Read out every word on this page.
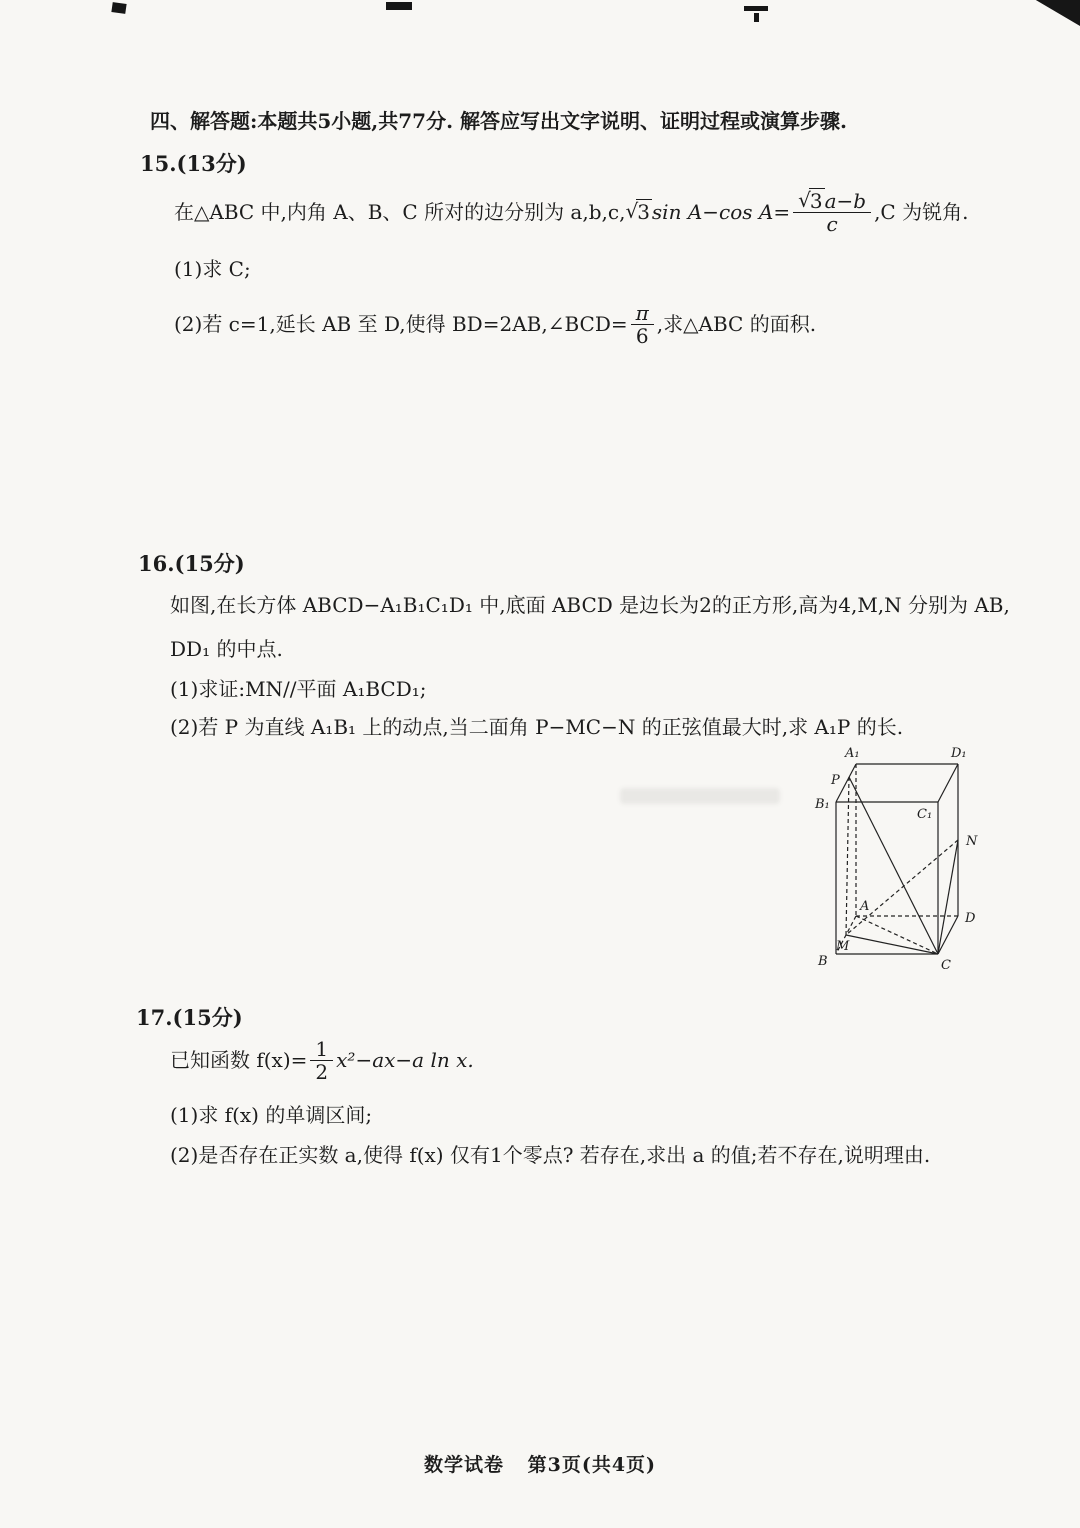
四、解答题:本题共5小题,共77分. 解答应写出文字说明、证明过程或演算步骤.
15.(13分)
在△ABC 中,内角 A、B、C 所对的边分别为 a,b,c,√3 sin A−cos $A= \frac{√3 a-b}{c} ,C$ 为锐角.
(1)求 C;
(2)若 c=1,延长 AB 至 D,使得 BD=2AB,∠BCD= $\frac{\pi}{6}$ ,求△ABC 的面积.
16.(15分)
如图,在长方体 ABCD−A₁B₁C₁D₁ 中,底面 ABCD 是边长为2的正方形,高为4,M,N 分别为 AB,
DD₁ 的中点.
(1)求证:MN//平面 A₁BCD₁;
(2)若 P 为直线 A₁B₁ 上的动点,当二面角 P−MC−N 的正弦值最大时,求 A₁P 的长.
A₁	D₁
B₁
C₁
P
N
A
D
B
M
C
17.(15分)
已知函数 $f(x)= \frac{1}{2} x^2-ax-a$ ln x.
(1)求 f(x) 的单调区间;
(2)是否存在正实数 a,使得 f(x) 仅有1个零点? 若存在,求出 a 的值;若不存在,说明理由.
数学试卷 第3页(共4页)
